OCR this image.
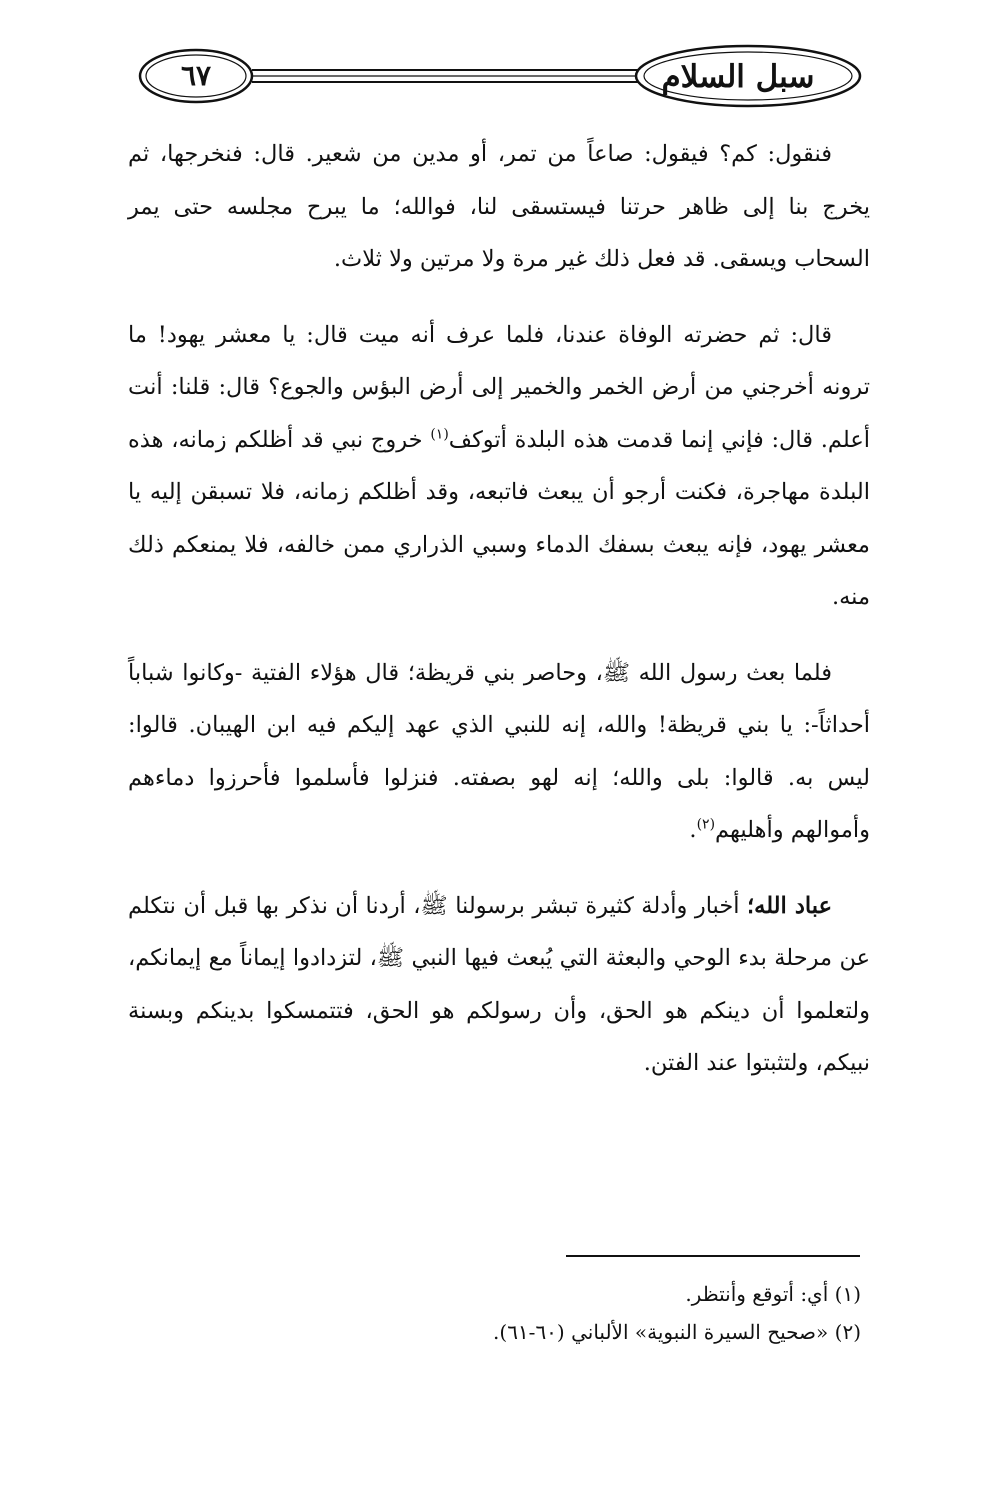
٦٧	سبل السلام

فنقول: كم؟ فيقول: صاعاً من تمر، أو مدين من شعير. قال: فنخرجها، ثم يخرج بنا إلى ظاهر حرتنا فيستسقى لنا، فوالله؛ ما يبرح مجلسه حتى يمر السحاب ويسقى. قد فعل ذلك غير مرة ولا مرتين ولا ثلاث.

قال: ثم حضرته الوفاة عندنا، فلما عرف أنه ميت قال: يا معشر يهود! ما ترونه أخرجني من أرض الخمر والخمير إلى أرض البؤس والجوع؟ قال: قلنا: أنت أعلم. قال: فإني إنما قدمت هذه البلدة أتوكف$^{(١)}$ خروج نبي قد أظلكم زمانه، هذه البلدة مهاجرة، فكنت أرجو أن يبعث فاتبعه، وقد أظلكم زمانه، فلا تسبقن إليه يا معشر يهود، فإنه يبعث بسفك الدماء وسبي الذراري ممن خالفه، فلا يمنعكم ذلك منه.

فلما بعث رسول الله ﷺ، وحاصر بني قريظة؛ قال هؤلاء الفتية -وكانوا شباباً أحداثاً-: يا بني قريظة! والله، إنه للنبي الذي عهد إليكم فيه ابن الهيبان. قالوا: ليس به. قالوا: بلى والله؛ إنه لهو بصفته. فنزلوا فأسلموا فأحرزوا دماءهم وأموالهم وأهليهم$^{(٢)}$.

عباد الله؛ أخبار وأدلة كثيرة تبشر برسولنا ﷺ، أردنا أن نذكر بها قبل أن نتكلم عن مرحلة بدء الوحي والبعثة التي يُبعث فيها النبي ﷺ، لتزدادوا إيماناً مع إيمانكم، ولتعلموا أن دينكم هو الحق، وأن رسولكم هو الحق، فتتمسكوا بدينكم وبسنة نبيكم، ولتثبتوا عند الفتن.

(١) أي: أتوقع وأنتظر.
(٢) «صحيح السيرة النبوية» الألباني (٦٠-٦١).
